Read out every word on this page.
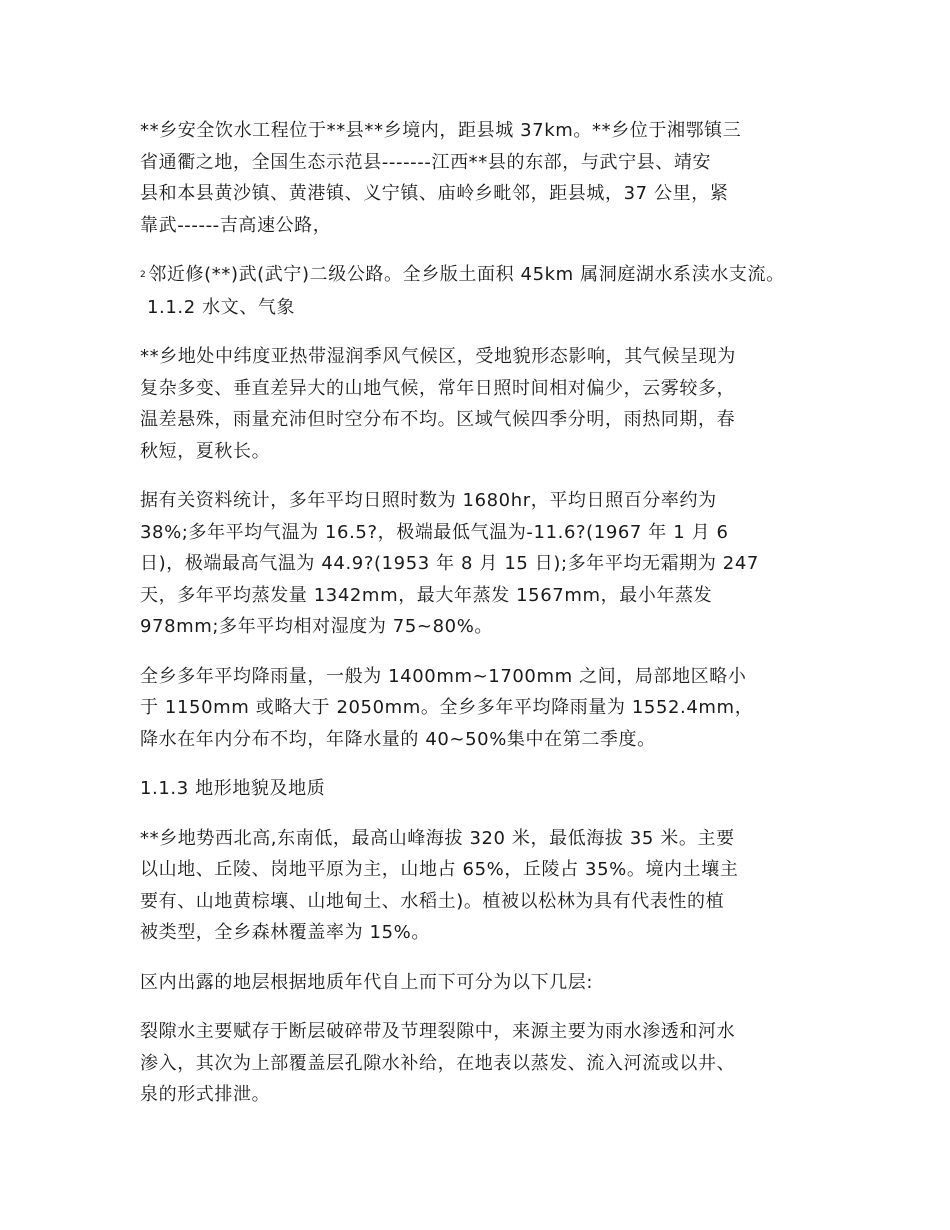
**乡安全饮水工程位于**县**乡境内，距县城 37km。**乡位于湘鄂镇三
省通衢之地，全国生态示范县-------江西**县的东部，与武宁县、靖安
县和本县黄沙镇、黄港镇、义宁镇、庙岭乡毗邻，距县城，37 公里，紧
靠武------吉高速公路，

2 邻近修(**)武(武宁)二级公路。全乡版土面积 45km 属洞庭湖水系渎水支流。
1.1.2 水文、气象

**乡地处中纬度亚热带湿润季风气候区，受地貌形态影响，其气候呈现为
复杂多变、垂直差异大的山地气候，常年日照时间相对偏少，云雾较多，
温差悬殊，雨量充沛但时空分布不均。区域气候四季分明，雨热同期，春
秋短，夏秋长。

据有关资料统计，多年平均日照时数为 1680hr，平均日照百分率约为
38%;多年平均气温为 16.5?，极端最低气温为-11.6?(1967 年 1 月 6
日)，极端最高气温为 44.9?(1953 年 8 月 15 日);多年平均无霜期为 247
天，多年平均蒸发量 1342mm，最大年蒸发 1567mm，最小年蒸发
978mm;多年平均相对湿度为 75~80%。

全乡多年平均降雨量，一般为 1400mm~1700mm 之间，局部地区略小
于 1150mm 或略大于 2050mm。全乡多年平均降雨量为 1552.4mm，
降水在年内分布不均，年降水量的 40~50%集中在第二季度。

1.1.3 地形地貌及地质

**乡地势西北高,东南低，最高山峰海拔 320 米，最低海拔 35 米。主要
以山地、丘陵、岗地平原为主，山地占 65%，丘陵占 35%。境内土壤主
要有、山地黄棕壤、山地甸土、水稻土)。植被以松林为具有代表性的植
被类型，全乡森林覆盖率为 15%。

区内出露的地层根据地质年代自上而下可分为以下几层:

裂隙水主要赋存于断层破碎带及节理裂隙中，来源主要为雨水渗透和河水
渗入，其次为上部覆盖层孔隙水补给，在地表以蒸发、流入河流或以井、
泉的形式排泄。
